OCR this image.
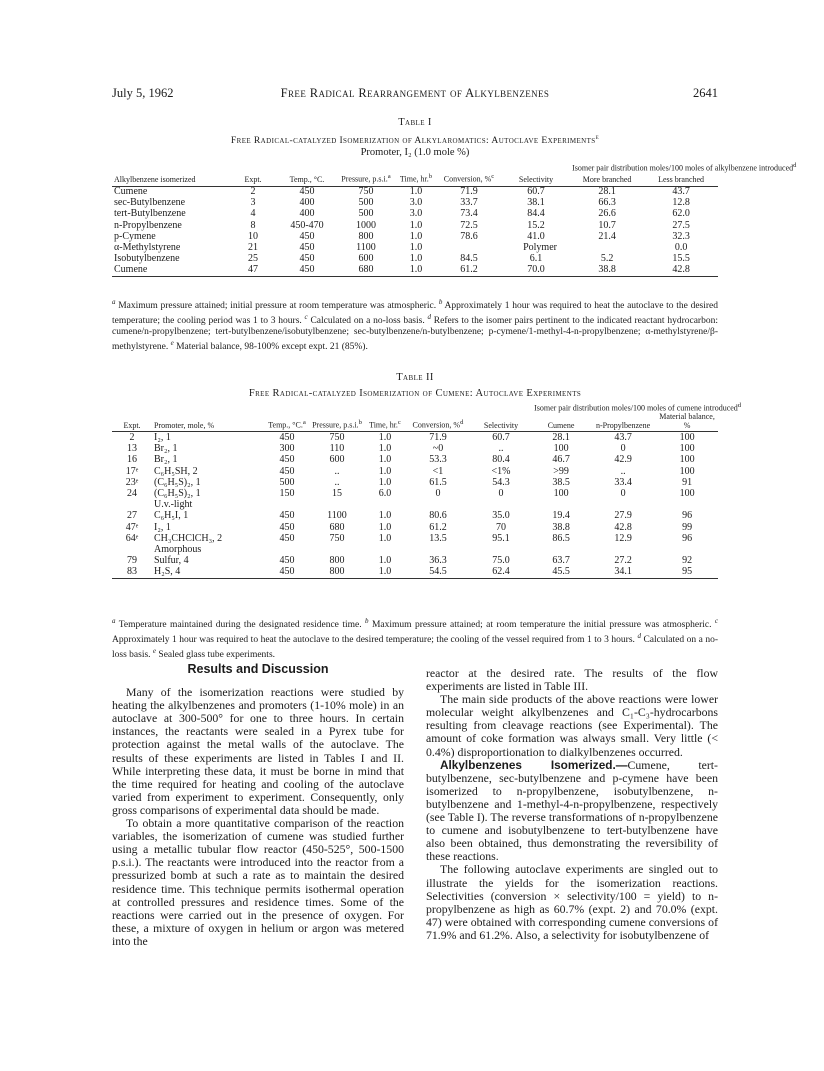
July 5, 1962	Free Radical Rearrangement of Alkylbenzenes	2641
Table I
Free Radical-catalyzed Isomerization of Alkylaromatics: Autoclave Experiments$^e$
Promoter, I₂ (1.0 mole %)
							Isomer pair distribution moles/100 moles of alkylbenzene introduced$^d$
Alkylbenzene isomerized	Expt.	Temp., °C.	Pressure, p.s.i.$^a$	Time, hr.$^b$	Conversion, %$^c$	Selectivity	More branched	Less branched
Cumene	2	450	750	1.0	71.9	60.7	28.1	43.7
sec-Butylbenzene	3	400	500	3.0	33.7	38.1	66.3	12.8
tert-Butylbenzene	4	400	500	3.0	73.4	84.4	26.6	62.0
n-Propylbenzene	8	450-470	1000	1.0	72.5	15.2	10.7	27.5
p-Cymene	10	450	800	1.0	78.6	41.0	21.4	32.3
α-Methylstyrene	21	450	1100	1.0	Polymer			0.0
Isobutylbenzene	25	450	600	1.0	84.5	6.1	5.2	15.5
Cumene	47	450	680	1.0	61.2	70.0	38.8	42.8
$^a$ Maximum pressure attained; initial pressure at room temperature was atmospheric. $^b$ Approximately 1 hour was required to heat the autoclave to the desired temperature; the cooling period was 1 to 3 hours. $^c$ Calculated on a no-loss basis. $^d$ Refers to the isomer pairs pertinent to the indicated reactant hydrocarbon: cumene/n-propylbenzene; tert-butylbenzene/isobutylbenzene; sec-butylbenzene/n-butylbenzene; p-cymene/1-methyl-4-n-propylbenzene; α-methylstyrene/β-methylstyrene. $^e$ Material balance, 98-100% except expt. 21 (85%).
Table II
Free Radical-catalyzed Isomerization of Cumene: Autoclave Experiments
							Isomer pair distribution moles/100 moles of cumene introduced$^d$	
Expt.	Promoter, mole, %	Temp., °C.$^a$	Pressure, p.s.i.$^b$	Time, hr.$^c$	Conversion, %$^d$	Selectivity	Cumene	n-Propylbenzene	Material balance, %
2	I₂, 1	450	750	1.0	71.9	60.7	28.1	43.7	100
13	Br₂, 1	300	110	1.0	~0	..	100	0	100
16	Br₂, 1	450	600	1.0	53.3	80.4	46.7	42.9	100
17ᵉ	C₆H₅SH, 2	450	..	1.0	<1	<1%	>99	..	100
23ᵉ	(C₆H₅S)₂, 1	500	..	1.0	61.5	54.3	38.5	33.4	91
24	(C₆H₅S)₂, 1	150	15	6.0	0	0	100	0	100
	U.v.-light								
27	C₆H₅I, 1	450	1100	1.0	80.6	35.0	19.4	27.9	96
47ᵉ	I₂, 1	450	680	1.0	61.2	70	38.8	42.8	99
64ᵉ	CH₃CHClCH₃, 2	450	750	1.0	13.5	95.1	86.5	12.9	96
	Amorphous								
79	Sulfur, 4	450	800	1.0	36.3	75.0	63.7	27.2	92
83	H₂S, 4	450	800	1.0	54.5	62.4	45.5	34.1	95
$^a$ Temperature maintained during the designated residence time. $^b$ Maximum pressure attained; at room temperature the initial pressure was atmospheric. $^c$ Approximately 1 hour was required to heat the autoclave to the desired temperature; the cooling of the vessel required from 1 to 3 hours. $^d$ Calculated on a no-loss basis. $^e$ Sealed glass tube experiments.
Results and Discussion

Many of the isomerization reactions were studied by heating the alkylbenzenes and promoters (1-10% mole) in an autoclave at 300-500° for one to three hours. In certain instances, the reactants were sealed in a Pyrex tube for protection against the metal walls of the autoclave. The results of these experiments are listed in Tables I and II. While interpreting these data, it must be borne in mind that the time required for heating and cooling of the autoclave varied from experiment to experiment. Consequently, only gross comparisons of experimental data should be made.

To obtain a more quantitative comparison of the reaction variables, the isomerization of cumene was studied further using a metallic tubular flow reactor (450-525°, 500-1500 p.s.i.). The reactants were introduced into the reactor from a pressurized bomb at such a rate as to maintain the desired residence time. This technique permits isothermal operation at controlled pressures and residence times. Some of the reactions were carried out in the presence of oxygen. For these, a mixture of oxygen in helium or argon was metered into the

reactor at the desired rate. The results of the flow experiments are listed in Table III.

The main side products of the above reactions were lower molecular weight alkylbenzenes and C₁-C₃-hydrocarbons resulting from cleavage reactions (see Experimental). The amount of coke formation was always small. Very little (< 0.4%) disproportionation to dialkylbenzenes occurred.

Alkylbenzenes Isomerized.—Cumene, tert-butylbenzene, sec-butylbenzene and p-cymene have been isomerized to n-propylbenzene, isobutylbenzene, n-butylbenzene and 1-methyl-4-n-propylbenzene, respectively (see Table I). The reverse transformations of n-propylbenzene to cumene and isobutylbenzene to tert-butylbenzene have also been obtained, thus demonstrating the reversibility of these reactions.

The following autoclave experiments are singled out to illustrate the yields for the isomerization reactions. Selectivities (conversion × selectivity/100 = yield) to n-propylbenzene as high as 60.7% (expt. 2) and 70.0% (expt. 47) were obtained with corresponding cumene conversions of 71.9% and 61.2%. Also, a selectivity for isobutylbenzene of
